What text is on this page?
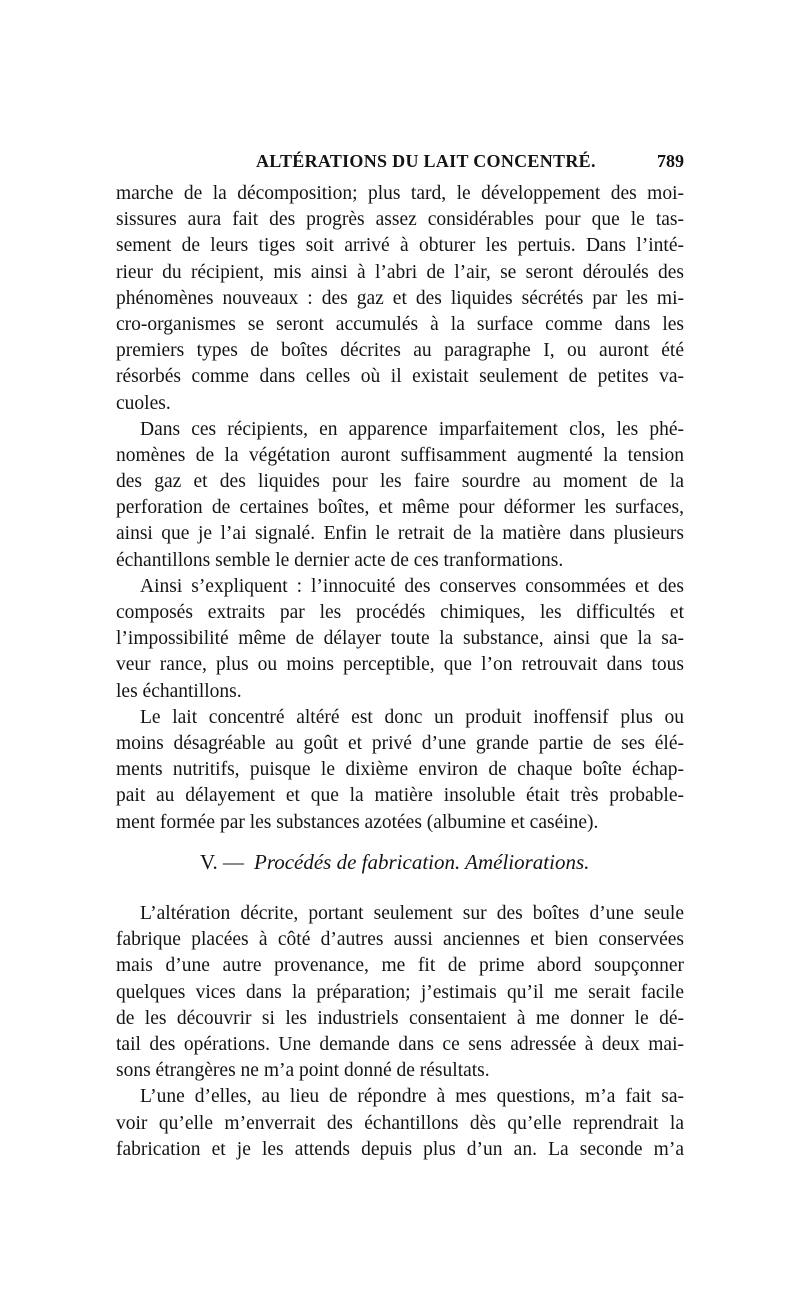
ALTÉRATIONS DU LAIT CONCENTRÉ.	789
marche de la décomposition; plus tard, le développement des moi-
sissures aura fait des progrès assez considérables pour que le tas-
sement de leurs tiges soit arrivé à obturer les pertuis. Dans l’inté-
rieur du récipient, mis ainsi à l’abri de l’air, se seront déroulés des
phénomènes nouveaux : des gaz et des liquides sécrétés par les mi-
cro-organismes se seront accumulés à la surface comme dans les
premiers types de boîtes décrites au paragraphe I, ou auront été
résorbés comme dans celles où il existait seulement de petites va-
cuoles.
Dans ces récipients, en apparence imparfaitement clos, les phé-
nomènes de la végétation auront suffisamment augmenté la tension
des gaz et des liquides pour les faire sourdre au moment de la
perforation de certaines boîtes, et même pour déformer les surfaces,
ainsi que je l’ai signalé. Enfin le retrait de la matière dans plusieurs
échantillons semble le dernier acte de ces tranformations.
Ainsi s’expliquent : l’innocuité des conserves consommées et des
composés extraits par les procédés chimiques, les difficultés et
l’impossibilité même de délayer toute la substance, ainsi que la sa-
veur rance, plus ou moins perceptible, que l’on retrouvait dans tous
les échantillons.
Le lait concentré altéré est donc un produit inoffensif plus ou
moins désagréable au goût et privé d’une grande partie de ses élé-
ments nutritifs, puisque le dixième environ de chaque boîte échap-
pait au délayement et que la matière insoluble était très probable-
ment formée par les substances azotées (albumine et caséine).
V. — Procédés de fabrication. Améliorations.
L’altération décrite, portant seulement sur des boîtes d’une seule
fabrique placées à côté d’autres aussi anciennes et bien conservées
mais d’une autre provenance, me fit de prime abord soupçonner
quelques vices dans la préparation; j’estimais qu’il me serait facile
de les découvrir si les industriels consentaient à me donner le dé-
tail des opérations. Une demande dans ce sens adressée à deux mai-
sons étrangères ne m’a point donné de résultats.
L’une d’elles, au lieu de répondre à mes questions, m’a fait sa-
voir qu’elle m’enverrait des échantillons dès qu’elle reprendrait la
fabrication et je les attends depuis plus d’un an. La seconde m’a
